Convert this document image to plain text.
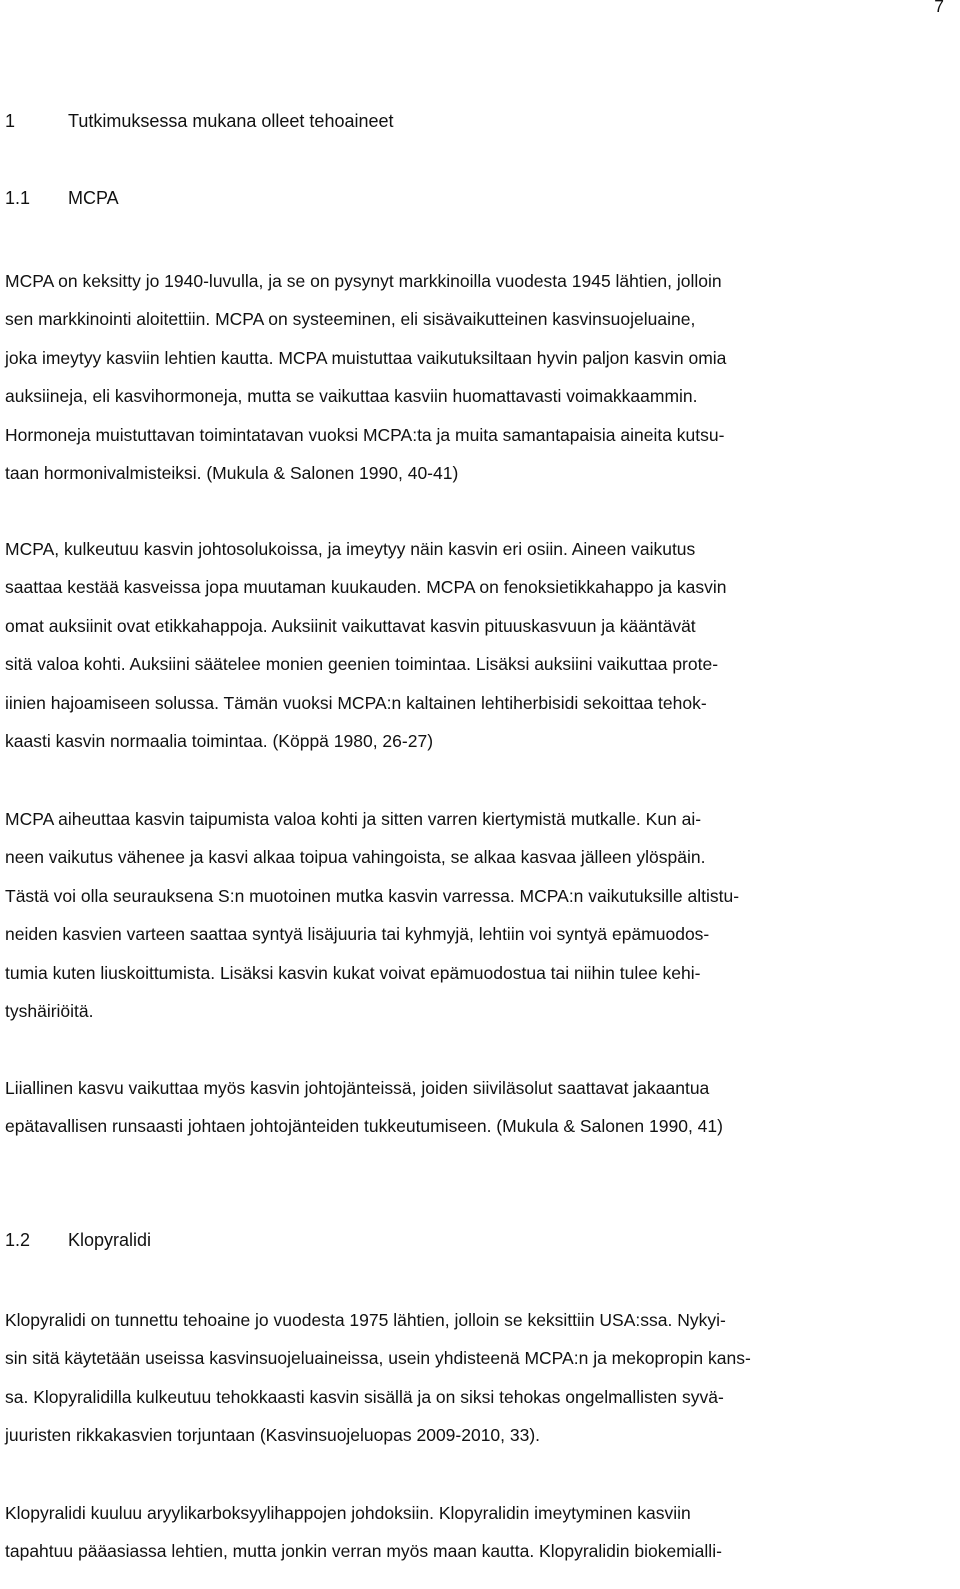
7
1	Tutkimuksessa mukana olleet tehoaineet
1.1 MCPA
MCPA on keksitty jo 1940-luvulla, ja se on pysynyt markkinoilla vuodesta 1945 lähtien, jolloin
sen markkinointi aloitettiin. MCPA on systeeminen, eli sisävaikutteinen kasvinsuojeluaine,
joka imeytyy kasviin lehtien kautta. MCPA muistuttaa vaikutuksiltaan hyvin paljon kasvin omia
auksiineja, eli kasvihormoneja, mutta se vaikuttaa kasviin huomattavasti voimakkaammin.
Hormoneja muistuttavan toimintatavan vuoksi MCPA:ta ja muita samantapaisia aineita kutsu-
taan hormonivalmisteiksi. (Mukula & Salonen 1990, 40-41)
MCPA, kulkeutuu kasvin johtosolukoissa, ja imeytyy näin kasvin eri osiin. Aineen vaikutus
saattaa kestää kasveissa jopa muutaman kuukauden. MCPA on fenoksietikkahappo ja kasvin
omat auksiinit ovat etikkahappoja. Auksiinit vaikuttavat kasvin pituuskasvuun ja kääntävät
sitä valoa kohti. Auksiini säätelee monien geenien toimintaa. Lisäksi auksiini vaikuttaa prote-
iinien hajoamiseen solussa. Tämän vuoksi MCPA:n kaltainen lehtiherbisidi sekoittaa tehok-
kaasti kasvin normaalia toimintaa. (Köppä 1980, 26-27)
MCPA aiheuttaa kasvin taipumista valoa kohti ja sitten varren kiertymistä mutkalle. Kun ai-
neen vaikutus vähenee ja kasvi alkaa toipua vahingoista, se alkaa kasvaa jälleen ylöspäin.
Tästä voi olla seurauksena S:n muotoinen mutka kasvin varressa. MCPA:n vaikutuksille altistu-
neiden kasvien varteen saattaa syntyä lisäjuuria tai kyhmyjä, lehtiin voi syntyä epämuodos-
tumia kuten liuskoittumista. Lisäksi kasvin kukat voivat epämuodostua tai niihin tulee kehi-
tyshäiriöitä.
Liiallinen kasvu vaikuttaa myös kasvin johtojänteissä, joiden siiviläsolut saattavat jakaantua
epätavallisen runsaasti johtaen johtojänteiden tukkeutumiseen. (Mukula & Salonen 1990, 41)
1.2 Klopyralidi
Klopyralidi on tunnettu tehoaine jo vuodesta 1975 lähtien, jolloin se keksittiin USA:ssa. Nykyi-
sin sitä käytetään useissa kasvinsuojeluaineissa, usein yhdisteenä MCPA:n ja mekopropin kans-
sa. Klopyralidilla kulkeutuu tehokkaasti kasvin sisällä ja on siksi tehokas ongelmallisten syvä-
juuristen rikkakasvien torjuntaan (Kasvinsuojeluopas 2009-2010, 33).
Klopyralidi kuuluu aryylikarboksyylihappojen johdoksiin. Klopyralidin imeytyminen kasviin
tapahtuu pääasiassa lehtien, mutta jonkin verran myös maan kautta. Klopyralidin biokemialli-
